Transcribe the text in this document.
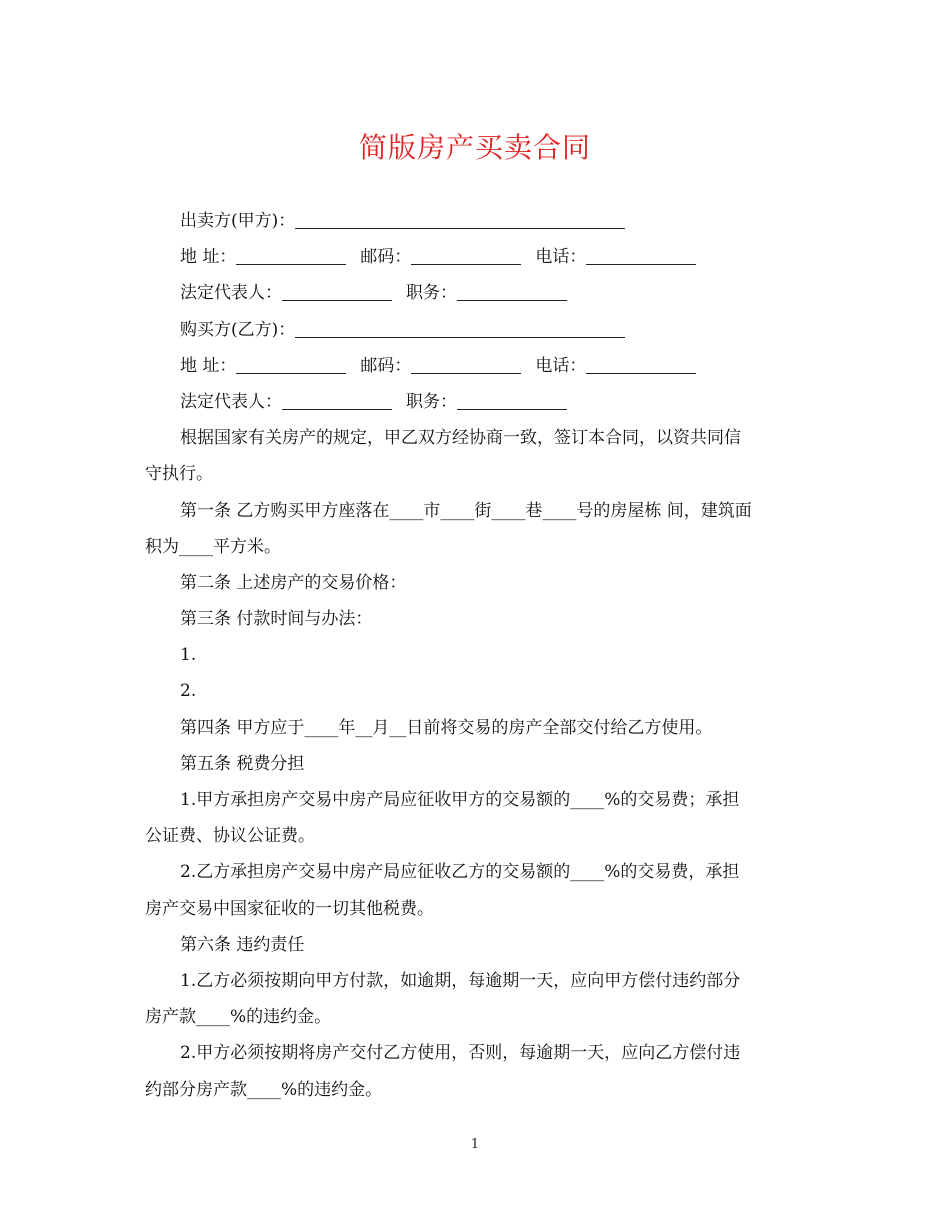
简版房产买卖合同
出卖方(甲方)：
地 址：	邮码：	电话：
法定代表人：	职务：
购买方(乙方)：
地 址：	邮码：	电话：
法定代表人：	职务：
根据国家有关房产的规定，甲乙双方经协商一致，签订本合同，以资共同信
守执行。
第一条 乙方购买甲方座落在____市____街____巷____号的房屋栋 间，建筑面
积为____平方米。
第二条 上述房产的交易价格：
第三条 付款时间与办法：
1.
2.
第四条 甲方应于____年__月__日前将交易的房产全部交付给乙方使用。
第五条 税费分担
1.甲方承担房产交易中房产局应征收甲方的交易额的____%的交易费；承担
公证费、协议公证费。
2.乙方承担房产交易中房产局应征收乙方的交易额的____%的交易费，承担
房产交易中国家征收的一切其他税费。
第六条 违约责任
1.乙方必须按期向甲方付款，如逾期，每逾期一天，应向甲方偿付违约部分
房产款____%的违约金。
2.甲方必须按期将房产交付乙方使用，否则，每逾期一天，应向乙方偿付违
约部分房产款____%的违约金。
1
